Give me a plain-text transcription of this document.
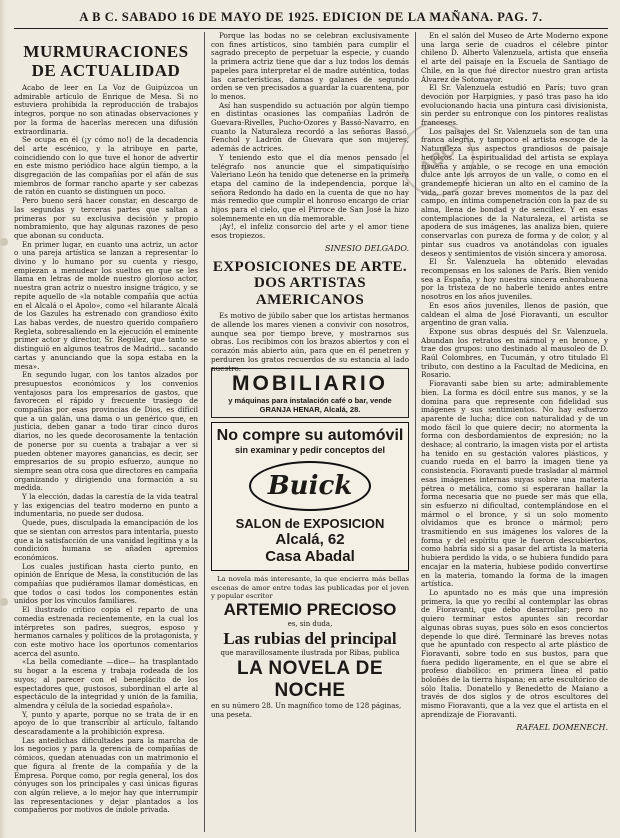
A B C. SABADO 16 DE MAYO DE 1925. EDICION DE LA MAÑANA. PAG. 7.
MURMURACIONES DE ACTUALIDAD

Acabo de leer en La Voz de Guipúzcoa un admirable artículo de Enrique de Mesa. Si no estuviera prohibida la reproducción de trabajos íntegros, porque no son atinadas observaciones y por la forma de hacerlas merecen una difusión extraordinaria.

Se ocupa en él (¡y cómo no!) de la decadencia del arte escénico, y la atribuye en parte, coincidiendo con lo que tuve el honor de advertir en este mismo periódico hace algún tiempo, a la disgregación de las compañías por el afán de sus miembros de formar rancho aparte y ser cabezas de ratón en cuanto se distinguen un poco.

Pero bueno será hacer constar, en descargo de las segundas y terceras partes que saltan a primeras por su exclusiva decisión y propio nombramiento, que hay algunas razones de peso que abonan su conducta.

En primer lugar, en cuanto una actriz, un actor o una pareja artística se lanzan a representar lo divino y lo humano por su cuenta y riesgo, empiezan a menudear los sueltos en que se les llama en letras de molde nuestro glorioso actor, nuestra gran actriz o nuestro insigne trágico, y se repite aquello de «la notable compañía que actúa en el Alcalá o el Apolo», como «el hilarante Alcalá de los Gazules ha estrenado con grandioso éxito Las habas verdes, de nuestro querido compañero Regleta, sobresaliendo en la ejecución el eminente primer actor y director, Sr. Regúlez, que tanto se distinguió en algunos teatros de Madrid... sacando cartas y anunciando que la sopa estaba en la mesa».

En segundo lugar, con los tantos alzados por presupuestos económicos y los convenios ventajosos para los empresarios de gastos, que favorecen el rápido y frecuente trasiego de compañías por esas provincias de Dios, es difícil que a un galán, una dama o un genérico que, en justicia, deben ganar a todo tirar cinco duros diarios, no les quede decorosamente la tentación de ponerse por su cuenta a trabajar a ver si pueden obtener mayores ganancias, es decir, ser empresarios de su propio esfuerzo, aunque no siempre sean otra cosa que directores en campaña organizando y dirigiendo una formación a su medida.

Y la elección, dadas la carestía de la vida teatral y las exigencias del teatro moderno en punto a indumentaria, no puede ser dudosa.

Quede, pues, disculpada la emancipación de los que se sientan con arrestos para intentarla, puesto que a la satisfacción de una vanidad legítima y a la condición humana se añaden apremios económicos.

Los cuales justifican hasta cierto punto, en opinión de Enrique de Mesa, la constitución de las compañías que pudiéramos llamar domésticas, en que todos o casi todos los componentes están unidos por los vínculos familiares.

El ilustrado crítico copia el reparto de una comedia estrenada recientemente, en la cual los intérpretes son padres, suegros, esposo y hermanos carnales y políticos de la protagonista, y con este motivo hace los oportunos comentarios acerca del asunto.

«La bella comediante —dice— ha trasplantado su hogar a la escena y trabaja rodeada de los suyos; al parecer con el beneplácito de los espectadores que, gustosos, subordinan el arte al espectáculo de la integridad y unión de la familia, almendra y célula de la sociedad española».

Y, punto y aparte, porque no se trata de ir en apoyo de lo que transcribir al artículo, faltando descaradamente a la prohibición expresa.

Las antedichas dificultades para la marcha de los negocios y para la gerencia de compañías de cómicos, quedan atenuadas con un matrimonio el que figura al frente de la compañía y de la Empresa. Porque como, por regla general, los dos cónyuges son los principales y casi únicas figuras con algún relieve, a lo mejor hay que interrumpir las representaciones y dejar plantados a los compañeros por motivos de índole privada.

Porque las bodas no se celebran exclusivamente con fines artísticos, sino también para cumplir el sagrado precepto de perpetuar la especie, y cuando la primera actriz tiene que dar a luz todos los demás papeles para interpretar el de madre auténtica, todas las características, damas y galanes de segundo orden se ven precisados a guardar la cuarentena, por lo menos.

Así han suspendido su actuación por algún tiempo en distintas ocasiones las compañías Ladrón de Guevara-Rivelles, Pucho-Ozores y Bassó-Navarro, en cuanto la Naturaleza recordó a las señoras Bassó, Fenchol y Ladrón de Guevara que son mujeres, además de actrices.

Y teniendo esto que el día menos pensado el telégrafo nos anuncie que el simpatiquísimo Valeriano León ha tenido que detenerse en la primera etapa del camino de la independencia, porque la señora Redondo ha dado en la cuenta de que no hay más remedio que cumplir el honroso encargo de criar hijos para el cielo, que el Pirroce de San José la hizo solemnemente en un día memorable.

¡Ay!, el infeliz consorcio del arte y el amor tiene esos tropiezos.

SINESIO DELGADO.
EXPOSICIONES DE ARTE. DOS ARTISTAS AMERICANOS

Es motivo de júbilo saber que los artistas hermanos de allende los mares vienen a convivir con nosotros, aunque sea por tiempo breve, y mostrarnos sus obras. Los recibimos con los brazos abiertos y con el corazón más abierto aún, para que en él penetren y perduren los gratos recuerdos de su estancia al lado nuestro.

MOBILIARIO
y máquinas para instalación café o bar, vende GRANJA HENAR, Alcalá, 28.
No compre su automóvil
sin examinar y pedir conceptos del
Buick
SALON de EXPOSICION
Alcalá, 62
Casa Abadal
La novela más interesante, la que encierra más bellas escenas de amor entre todas las publicadas por el joven y popular escritor
ARTEMIO PRECIOSO
es, sin duda,
Las rubias del principal
que maravillosamente ilustrada por Ribas, publica
LA NOVELA DE NOCHE
en su número 28. Un magnífico tomo de 128 páginas, una peseta.

En el salón del Museo de Arte Moderno expone una larga serie de cuadros el célebre pintor chileno D. Alberto Valenzuela, artista que enseña el arte del paisaje en la Escuela de Santiago de Chile, en la que fué director nuestro gran artista Álvarez de Sotomayor.

El Sr. Valenzuela estudió en París; tuvo gran devoción por Harpignies, y pasó tras paso ha ido evolucionando hacia una pintura casi divisionista, sin perder su entronque con los pintores realistas franceses.

Los paisajes del Sr. Valenzuela son de tan una franca alegría, y tampoco el artista escoge de la Naturaleza sus aspectos grandiosos de paisaje heroicos. La espiritualidad del artista se explaya risueña y amable, o se recoge en una emoción dulce ante los arroyos de un valle, o como en el grandemente hicieran un alto en el camino de la vida, para gozar breves momentos de la paz del campo, en íntima compenetración con la paz de su alma, llena de bondad y de sencillez. Y en esas contemplaciones de la Naturaleza, el artista se apodera de sus imágenes, las analiza bien, quiere conservarlas con pureza de forma y de color, y al pintar sus cuadros va anotándolas con iguales deseos y sentimientos de visión sincera y amorosa.

El Sr. Valenzuela ha obtenido elevadas recompensas en los salones de París. Bien venido sea a España, y hoy nuestra sincera enhorabuena por la tristeza de no haberle tenido antes entre nosotros en los años juveniles.

En esos años juveniles, llenos de pasión, que caldean el alma de José Fioravanti, un escultor argentino de gran valía.

Expone sus obras después del Sr. Valenzuela. Abundan los retratos en mármol y en bronce, y trae dos grupos: uno destinado al mausoleo de D. Raúl Colombres, en Tucumán, y otro titulado El tributo, con destino a la Facultad de Medicina, en Rosario.

Fioravanti sabe bien su arte; admirablemente bien. La forma es dócil entre sus manos, y se la domina para que represente con fidelidad sus imágenes y sus sentimientos. No hay esfuerzo aparente de lucha; dice con naturalidad y de un modo fácil lo que quiere decir; no atormenta la forma con desbordamientos de expresión; no la deshace; al contrario, la imagen vista por el artista ha tenido en su gestación valores plásticos, y cuando rueda en el barro la imagen tiene ya consistencia. Fioravanti puede trasladar al mármol esas imágenes internas suyas sobre una materia pétrea o metálica, como si esperaran hallar la forma necesaria que no puede ser más que ella, sin esfuerzo ni dificultad, contemplándose en el mármol o el bronce, y si un solo momento olvidamos que es bronce o mármol; pero trasmitiendo en sus imágenes los valores de la forma y del espíritu que le fueron descubiertos, como habría sido si a pasar del artista la materia hubiera perdido la vida, o se hubiera fundido para encajar en la materia, hubiese podido convertirse en la materia, tomando la forma de la imagen artística.

Lo apuntado no es más que una impresión primera, la que yo recibí al contemplar las obras de Fioravanti, que debo desarrollar; pero no quiero terminar estos apuntes sin recordar algunas obras suyas, pues sólo en esos conciertos depende lo que diré. Terminaré las breves notas que he apuntado con respecto al arte plástico de Fioravanti, sobre todo en sus bustos, para que fuera pedido ligeramente, en el que se abre el profeso diabólico: en primera línea el patio boloñés de la tierra hispana; en arte escultórico de sólo Italia. Donatello y Benedetto de Maiano a través de dos siglos y de otros escultores del mismo Fioravanti, que a la vez que el artista en el aprendizaje de Fioravanti.

RAFAEL DOMENECH.
ABC
